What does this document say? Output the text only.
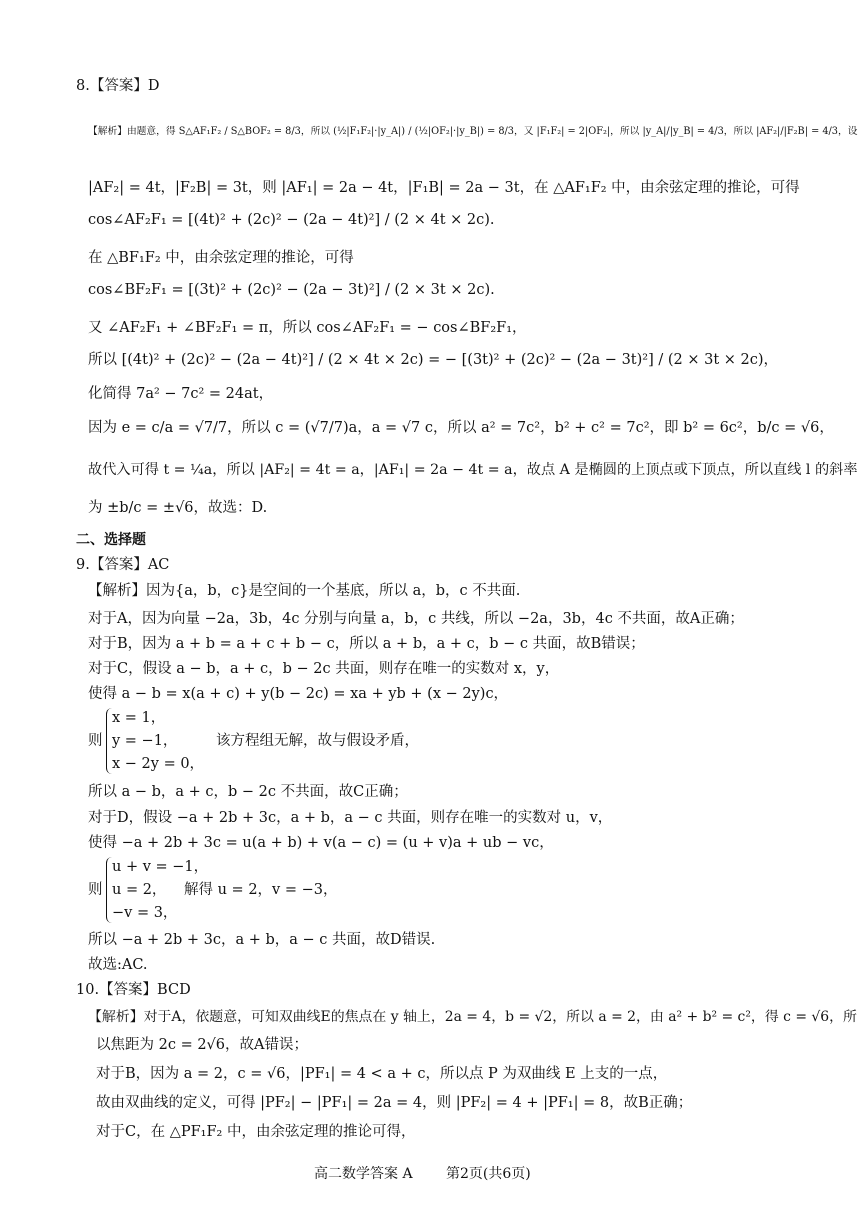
8.【答案】D
【解析】由题意，得 S△AF₁F₂ / S△BOF₂ = 8/3，所以 (½|F₁F₂|·|y_A|) / (½|OF₂|·|y_B|) = 8/3，又 |F₁F₂| = 2|OF₂|，所以 |y_A|/|y_B| = 4/3，所以 |AF₂|/|F₂B| = 4/3，设
|AF₂| = 4t，|F₂B| = 3t，则 |AF₁| = 2a − 4t，|F₁B| = 2a − 3t，在 △AF₁F₂ 中，由余弦定理的推论，可得
cos∠AF₂F₁ = [(4t)² + (2c)² − (2a − 4t)²] / (2 × 4t × 2c).
在 △BF₁F₂ 中，由余弦定理的推论，可得
cos∠BF₂F₁ = [(3t)² + (2c)² − (2a − 3t)²] / (2 × 3t × 2c).
又 ∠AF₂F₁ + ∠BF₂F₁ = π，所以 cos∠AF₂F₁ = − cos∠BF₂F₁，
所以 [(4t)² + (2c)² − (2a − 4t)²] / (2 × 4t × 2c) = − [(3t)² + (2c)² − (2a − 3t)²] / (2 × 3t × 2c)，
化简得 7a² − 7c² = 24at，
因为 e = c/a = √7/7，所以 c = (√7/7)a，a = √7 c，所以 a² = 7c²，b² + c² = 7c²，即 b² = 6c²，b/c = √6，
故代入可得 t = ¼a，所以 |AF₂| = 4t = a，|AF₁| = 2a − 4t = a，故点 A 是椭圆的上顶点或下顶点，所以直线 l 的斜率
为 ±b/c = ±√6，故选：D.
二、选择题
9.【答案】AC
【解析】因为{a，b，c}是空间的一个基底，所以 a，b，c 不共面.
对于A，因为向量 −2a，3b，4c 分别与向量 a，b，c 共线，所以 −2a，3b，4c 不共面，故A正确；
对于B，因为 a + b = a + c + b − c，所以 a + b，a + c，b − c 共面，故B错误；
对于C，假设 a − b，a + c，b − 2c 共面，则存在唯一的实数对 x，y，
使得 a − b = x(a + c) + y(b − 2c) = xa + yb + (x − 2y)c，
则
x = 1，
y = −1，
x − 2y = 0，
该方程组无解，故与假设矛盾，
所以 a − b，a + c，b − 2c 不共面，故C正确；
对于D，假设 −a + 2b + 3c，a + b，a − c 共面，则存在唯一的实数对 u，v，
使得 −a + 2b + 3c = u(a + b) + v(a − c) = (u + v)a + ub − vc，
则
u + v = −1，
u = 2，
−v = 3，
解得 u = 2，v = −3，
所以 −a + 2b + 3c，a + b，a − c 共面，故D错误.
故选:AC.
10.【答案】BCD
【解析】对于A，依题意，可知双曲线E的焦点在 y 轴上，2a = 4，b = √2，所以 a = 2，由 a² + b² = c²，得 c = √6，所
以焦距为 2c = 2√6，故A错误；
对于B，因为 a = 2，c = √6，|PF₁| = 4 < a + c，所以点 P 为双曲线 E 上支的一点，
故由双曲线的定义，可得 |PF₂| − |PF₁| = 2a = 4，则 |PF₂| = 4 + |PF₁| = 8，故B正确；
对于C，在 △PF₁F₂ 中，由余弦定理的推论可得，
高二数学答案 A 第2页(共6页)
